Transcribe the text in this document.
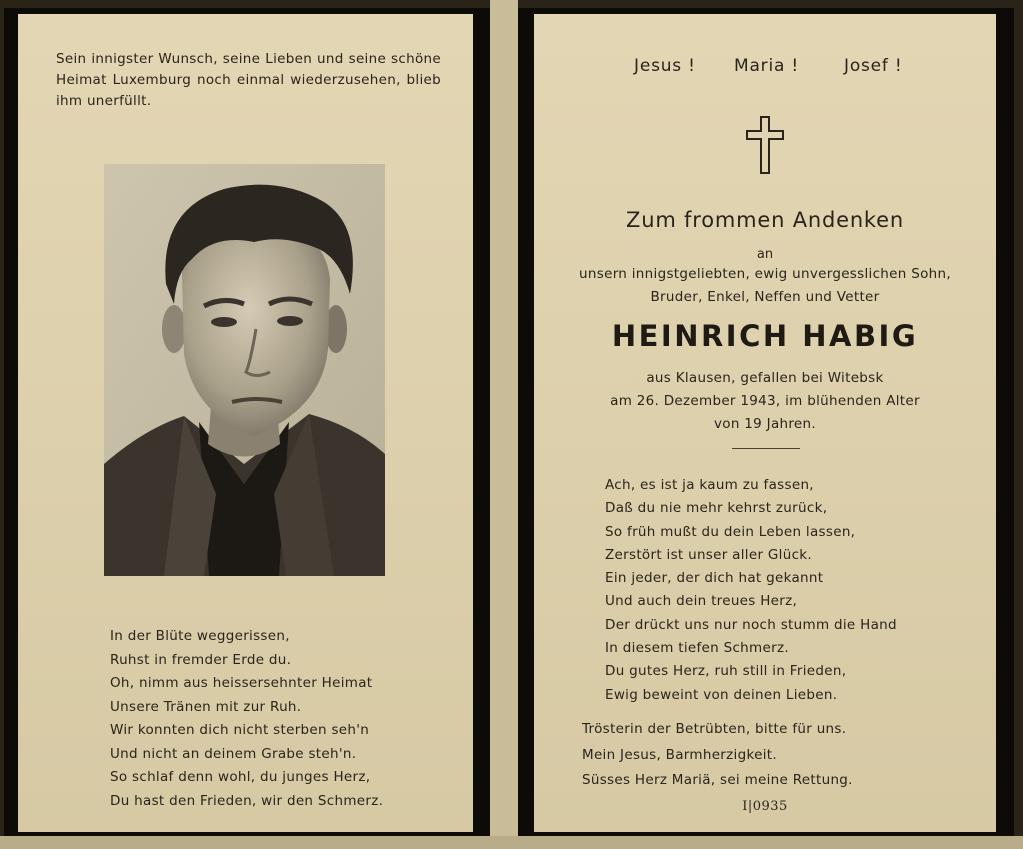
Sein innigster Wunsch, seine Lieben und seine schöne Heimat Luxemburg noch einmal wiederzusehen, blieb ihm unerfüllt.
In der Blüte weggerissen,
Ruhst in fremder Erde du.
Oh, nimm aus heissersehnter Heimat
Unsere Tränen mit zur Ruh.
Wir konnten dich nicht sterben seh'n
Und nicht an deinem Grabe steh'n.
So schlaf denn wohl, du junges Herz,
Du hast den Frieden, wir den Schmerz.
Jesus ! Maria !	Josef !
Zum frommen Andenken
an
unsern innigstgeliebten, ewig unvergesslichen Sohn,
Bruder, Enkel, Neffen und Vetter
HEINRICH HABIG
aus Klausen, gefallen bei Witebsk
am 26. Dezember 1943, im blühenden Alter
von 19 Jahren.
Ach, es ist ja kaum zu fassen,
Daß du nie mehr kehrst zurück,
So früh mußt du dein Leben lassen,
Zerstört ist unser aller Glück.
Ein jeder, der dich hat gekannt
Und auch dein treues Herz,
Der drückt uns nur noch stumm die Hand
In diesem tiefen Schmerz.
Du gutes Herz, ruh still in Frieden,
Ewig beweint von deinen Lieben.
Trösterin der Betrübten, bitte für uns.
Mein Jesus, Barmherzigkeit.
Süsses Herz Mariä, sei meine Rettung.
I|0935
